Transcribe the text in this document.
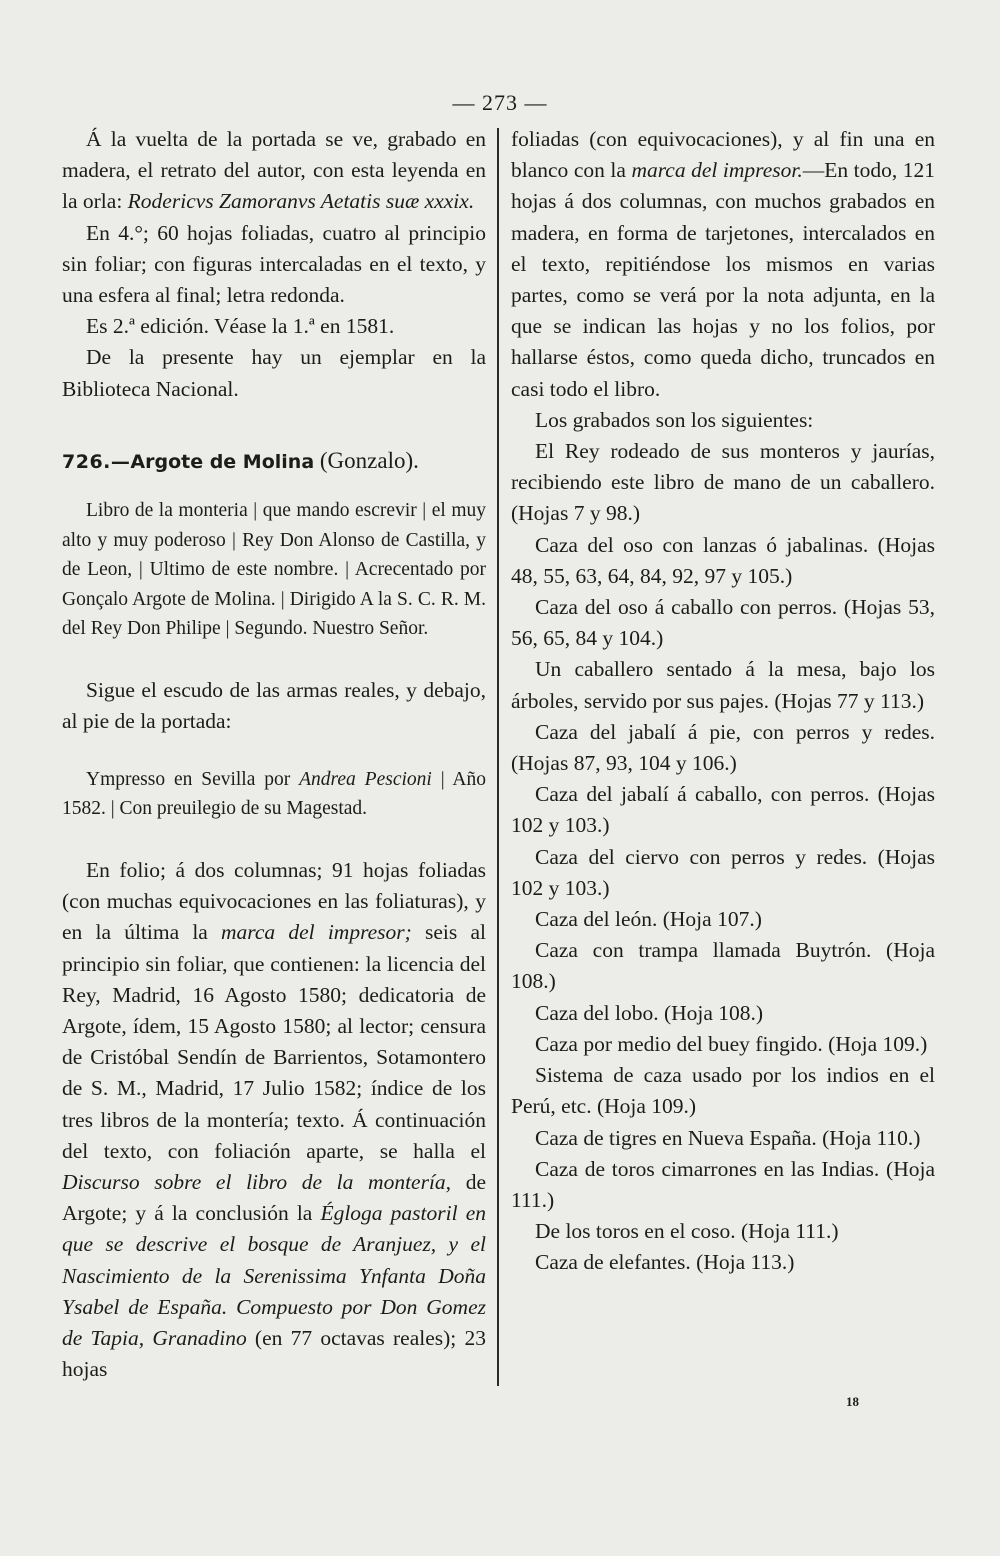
— 273 —

Á la vuelta de la portada se ve, grabado en madera, el retrato del autor, con esta leyenda en la orla: Rodericvs Zamoranvs Aetatis suæ xxxix.

En 4.°; 60 hojas foliadas, cuatro al principio sin foliar; con figuras intercaladas en el texto, y una esfera al final; letra redonda.

Es 2.ª edición. Véase la 1.ª en 1581.

De la presente hay un ejemplar en la Biblioteca Nacional.

726.—Argote de Molina (Gonzalo).

Libro de la monteria | que mando escrevir | el muy alto y muy poderoso | Rey Don Alonso de Castilla, y de Leon, | Ultimo de este nombre. | Acrecentado por Gonçalo Argote de Molina. | Dirigido A la S. C. R. M. del Rey Don Philipe | Segundo. Nuestro Señor.

Sigue el escudo de las armas reales, y debajo, al pie de la portada:

Ympresso en Sevilla por Andrea Pescioni | Año 1582. | Con preuilegio de su Magestad.

En folio; á dos columnas; 91 hojas foliadas (con muchas equivocaciones en las foliaturas), y en la última la marca del impresor; seis al principio sin foliar, que contienen: la licencia del Rey, Madrid, 16 Agosto 1580; dedicatoria de Argote, ídem, 15 Agosto 1580; al lector; censura de Cristóbal Sendín de Barrientos, Sotamontero de S. M., Madrid, 17 Julio 1582; índice de los tres libros de la montería; texto. Á continuación del texto, con foliación aparte, se halla el Discurso sobre el libro de la montería, de Argote; y á la conclusión la Égloga pastoril en que se descrive el bosque de Aranjuez, y el Nascimiento de la Serenissima Ynfanta Doña Ysabel de España. Compuesto por Don Gomez de Tapia, Granadino (en 77 octavas reales); 23 hojas

foliadas (con equivocaciones), y al fin una en blanco con la marca del impresor.—En todo, 121 hojas á dos columnas, con muchos grabados en madera, en forma de tarjetones, intercalados en el texto, repitiéndose los mismos en varias partes, como se verá por la nota adjunta, en la que se indican las hojas y no los folios, por hallarse éstos, como queda dicho, truncados en casi todo el libro.

Los grabados son los siguientes:

El Rey rodeado de sus monteros y jaurías, recibiendo este libro de mano de un caballero. (Hojas 7 y 98.)

Caza del oso con lanzas ó jabalinas. (Hojas 48, 55, 63, 64, 84, 92, 97 y 105.)

Caza del oso á caballo con perros. (Hojas 53, 56, 65, 84 y 104.)

Un caballero sentado á la mesa, bajo los árboles, servido por sus pajes. (Hojas 77 y 113.)

Caza del jabalí á pie, con perros y redes. (Hojas 87, 93, 104 y 106.)

Caza del jabalí á caballo, con perros. (Hojas 102 y 103.)

Caza del ciervo con perros y redes. (Hojas 102 y 103.)

Caza del león. (Hoja 107.)

Caza con trampa llamada Buytrón. (Hoja 108.)

Caza del lobo. (Hoja 108.)

Caza por medio del buey fingido. (Hoja 109.)

Sistema de caza usado por los indios en el Perú, etc. (Hoja 109.)

Caza de tigres en Nueva España. (Hoja 110.)

Caza de toros cimarrones en las Indias. (Hoja 111.)

De los toros en el coso. (Hoja 111.)

Caza de elefantes. (Hoja 113.)

18
